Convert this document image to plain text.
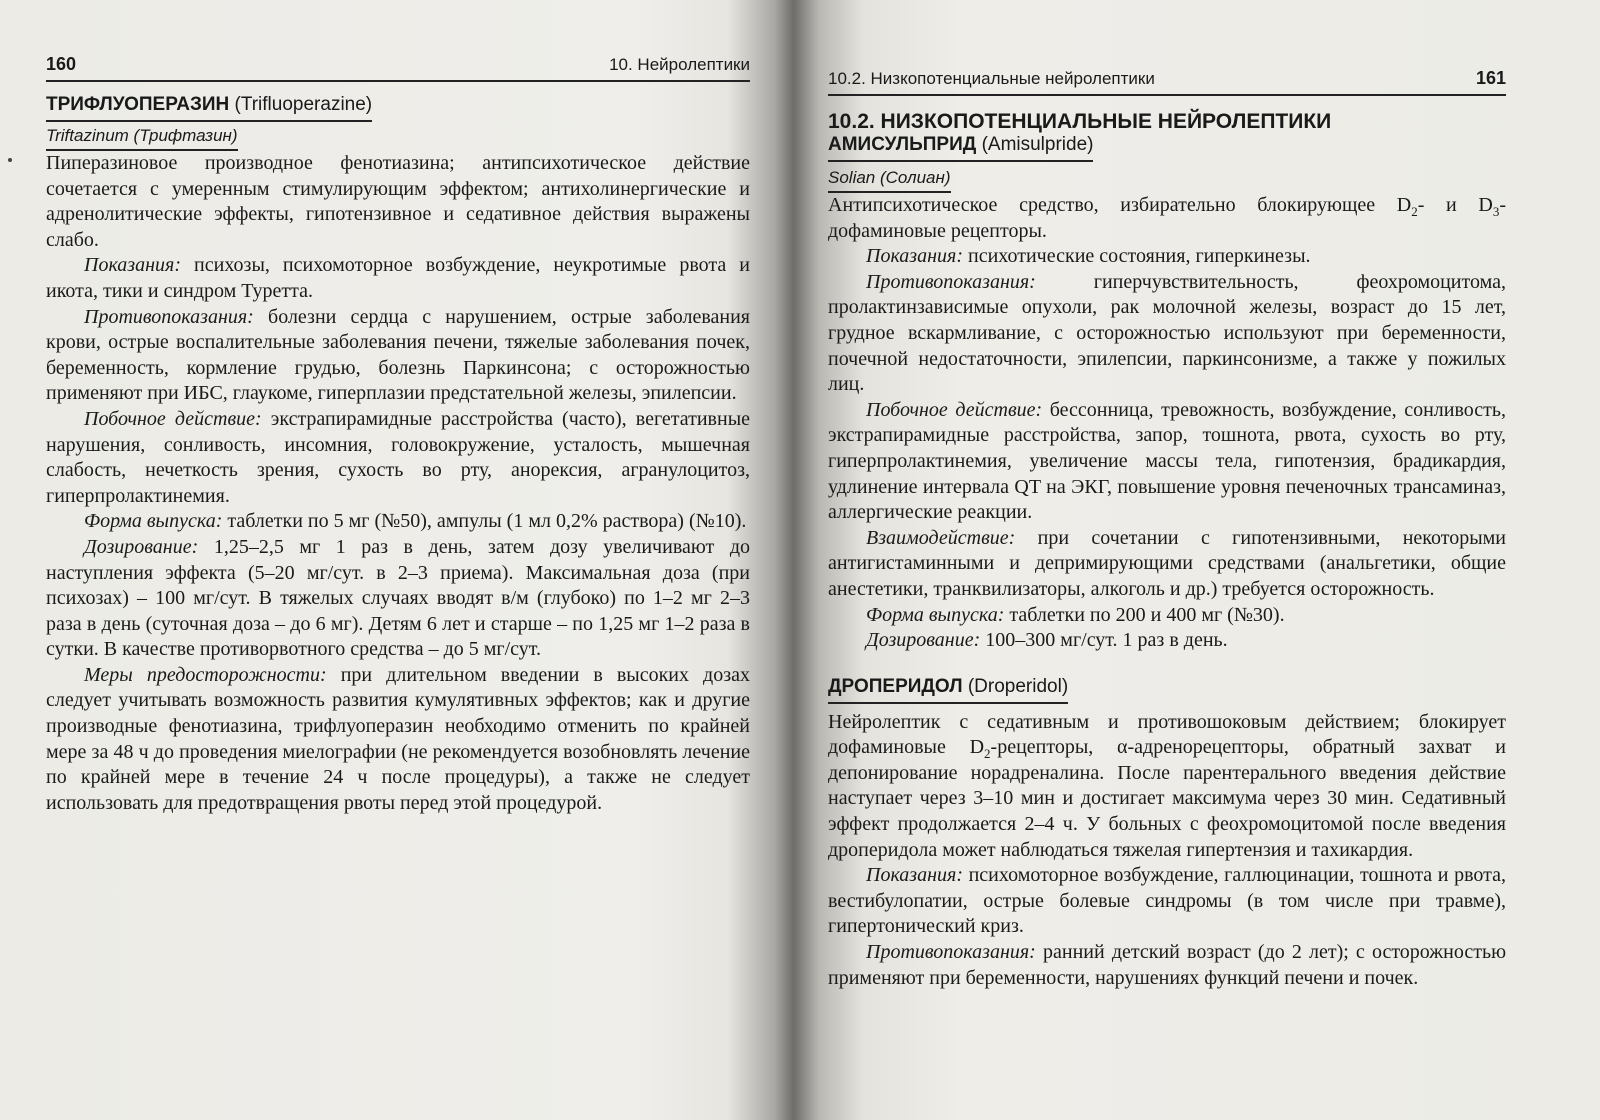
160	10. Нейролептики
ТРИФЛУОПЕРАЗИН (Trifluoperazine)
Triftazinum (Трифтазин)

Пиперазиновое производное фенотиазина; антипсихотическое действие сочетается с умеренным стимулирующим эффектом; антихолинергические и адренолитические эффекты, гипотензивное и седативное действия выражены слабо.

Показания: психозы, психомоторное возбуждение, неукротимые рвота и икота, тики и синдром Туретта.

Противопоказания: болезни сердца с нарушением, острые заболевания крови, острые воспалительные заболевания печени, тяжелые заболевания почек, беременность, кормление грудью, болезнь Паркинсона; с осторожностью применяют при ИБС, глаукоме, гиперплазии предстательной железы, эпилепсии.

Побочное действие: экстрапирамидные расстройства (часто), вегетативные нарушения, сонливость, инсомния, головокружение, усталость, мышечная слабость, нечеткость зрения, сухость во рту, анорексия, агранулоцитоз, гиперпролактинемия.

Форма выпуска: таблетки по 5 мг (№50), ампулы (1 мл 0,2% раствора) (№10).

Дозирование: 1,25–2,5 мг 1 раз в день, затем дозу увеличивают до наступления эффекта (5–20 мг/сут. в 2–3 приема). Максимальная доза (при психозах) – 100 мг/сут. В тяжелых случаях вводят в/м (глубоко) по 1–2 мг 2–3 раза в день (суточная доза – до 6 мг). Детям 6 лет и старше – по 1,25 мг 1–2 раза в сутки. В качестве противорвотного средства – до 5 мг/сут.

Меры предосторожности: при длительном введении в высоких дозах следует учитывать возможность развития кумулятивных эффектов; как и другие производные фенотиазина, трифлуоперазин необходимо отменить по крайней мере за 48 ч до проведения миелографии (не рекомендуется возобновлять лечение по крайней мере в течение 24 ч после процедуры), а также не следует использовать для предотвращения рвоты перед этой процедурой.

10.2. Низкопотенциальные нейролептики	161
10.2. НИЗКОПОТЕНЦИАЛЬНЫЕ НЕЙРОЛЕПТИКИ
АМИСУЛЬПРИД (Amisulpride)
Solian (Солиан)

Антипсихотическое средство, избирательно блокирующее $D_2-$ и $D_3$-дофаминовые рецепторы.

Показания: психотические состояния, гиперкинезы.

Противопоказания:	гиперчувствительность, феохромоцитома, пролактинзависимые опухоли, рак молочной железы, возраст до 15 лет, грудное вскармливание, с осторожностью используют при беременности, почечной недостаточности, эпилепсии, паркинсонизме, а также у пожилых лиц.

Побочное действие: бессонница, тревожность, возбуждение, сонливость, экстрапирамидные расстройства, запор, тошнота, рвота, сухость во рту, гиперпролактинемия, увеличение массы тела, гипотензия, брадикардия, удлинение интервала QT на ЭКГ, повышение уровня печеночных трансаминаз, аллергические реакции.

Взаимодействие: при сочетании с гипотензивными, некоторыми антигистаминными и депримирующими средствами (анальгетики, общие анестетики, транквилизаторы, алкоголь и др.) требуется осторожность.

Форма выпуска: таблетки по 200 и 400 мг (№30).

Дозирование: 100–300 мг/сут. 1 раз в день.

ДРОПЕРИДОЛ (Droperidol)

Нейролептик с седативным и противошоковым действием; блокирует дофаминовые $D_2$-рецепторы, α-адренорецепторы, обратный захват и депонирование норадреналина. После парентерального введения действие наступает через 3–10 мин и достигает максимума через 30 мин. Седативный эффект продолжается 2–4 ч. У больных с феохромоцитомой после введения дроперидола может наблюдаться тяжелая гипертензия и тахикардия.

Показания: психомоторное возбуждение, галлюцинации, тошнота и рвота, вестибулопатии, острые болевые синдромы (в том числе при травме), гипертонический криз.

Противопоказания: ранний детский возраст (до 2 лет); с осторожностью применяют при беременности, нарушениях функций печени и почек.
